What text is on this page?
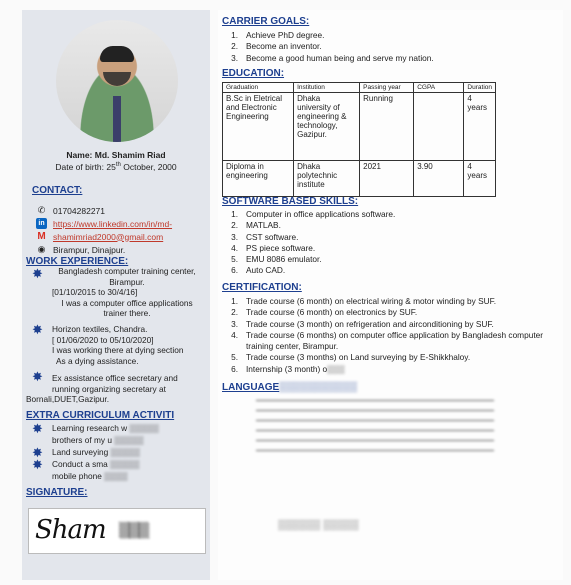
Name: Md. Shamim Riad
Date of birth: 25th October, 2000
CONTACT:
✆ 01704282271
in https://www.linkedin.com/in/md-
M shamimriad2000@gmail.com
◉ Birampur, Dinajpur.
WORK EXPERIENCE:
✸	Bangladesh computer training center,
Birampur.
[01/10/2015 to 30/4/16]
I was a computer office applications
trainer there.
✸ Horizon textiles, Chandra.
[ 01/06/2020 to 05/10/2020]
I was working there at dying section
As a dying assistance.
✸ Ex assistance office secretary and
running organizing secretary at
Bornali,DUET,Gazipur.
EXTRA CURRICULUM ACTIVITI
✸ Learning research w ▒▒▒▒▒
brothers of my u ▒▒▒▒▒
✸ Land surveying ▒▒▒▒▒
✸ Conduct a sma ▒▒▒▒▒
mobile phone ▒▒▒▒
SIGNATURE:
Sham ▒▒▒
CARRIER GOALS:
1. Achieve PhD degree.
2. Become an inventor.
3. Become a good human being and serve my nation.
EDUCATION:
Graduation	Institution	Passing year	CGPA	Duration
B.Sc in Eletrical and Electronic Engineering	Dhaka university of engineering & technology, Gazipur.	Running		4 years
Diploma in engineering	Dhaka polytechnic institute	2021	3.90	4 years
SOFTWARE BASED SKILLS:
1. Computer in office applications software.
2. MATLAB.
3. CST software.
4. PS piece software.
5. EMU 8086 emulator.
6. Auto CAD.
CERTIFICATION:
1. Trade course (6 month) on electrical wiring & motor winding by SUF.
2. Trade course (6 month) on electronics by SUF.
3. Trade course (3 month) on refrigeration and airconditioning by SUF.
4. Trade course (6 months) on computer office application by Bangladesh computer training center, Birampur.
5. Trade course (3 months) on Land surveying by E-Shikkhaloy.
6. Internship (3 month) o▒▒▒
LANGUAGE▒▒▒▒▒▒▒▒▒▒▒
▒▒▒▒▒▒ ▒▒▒▒▒
